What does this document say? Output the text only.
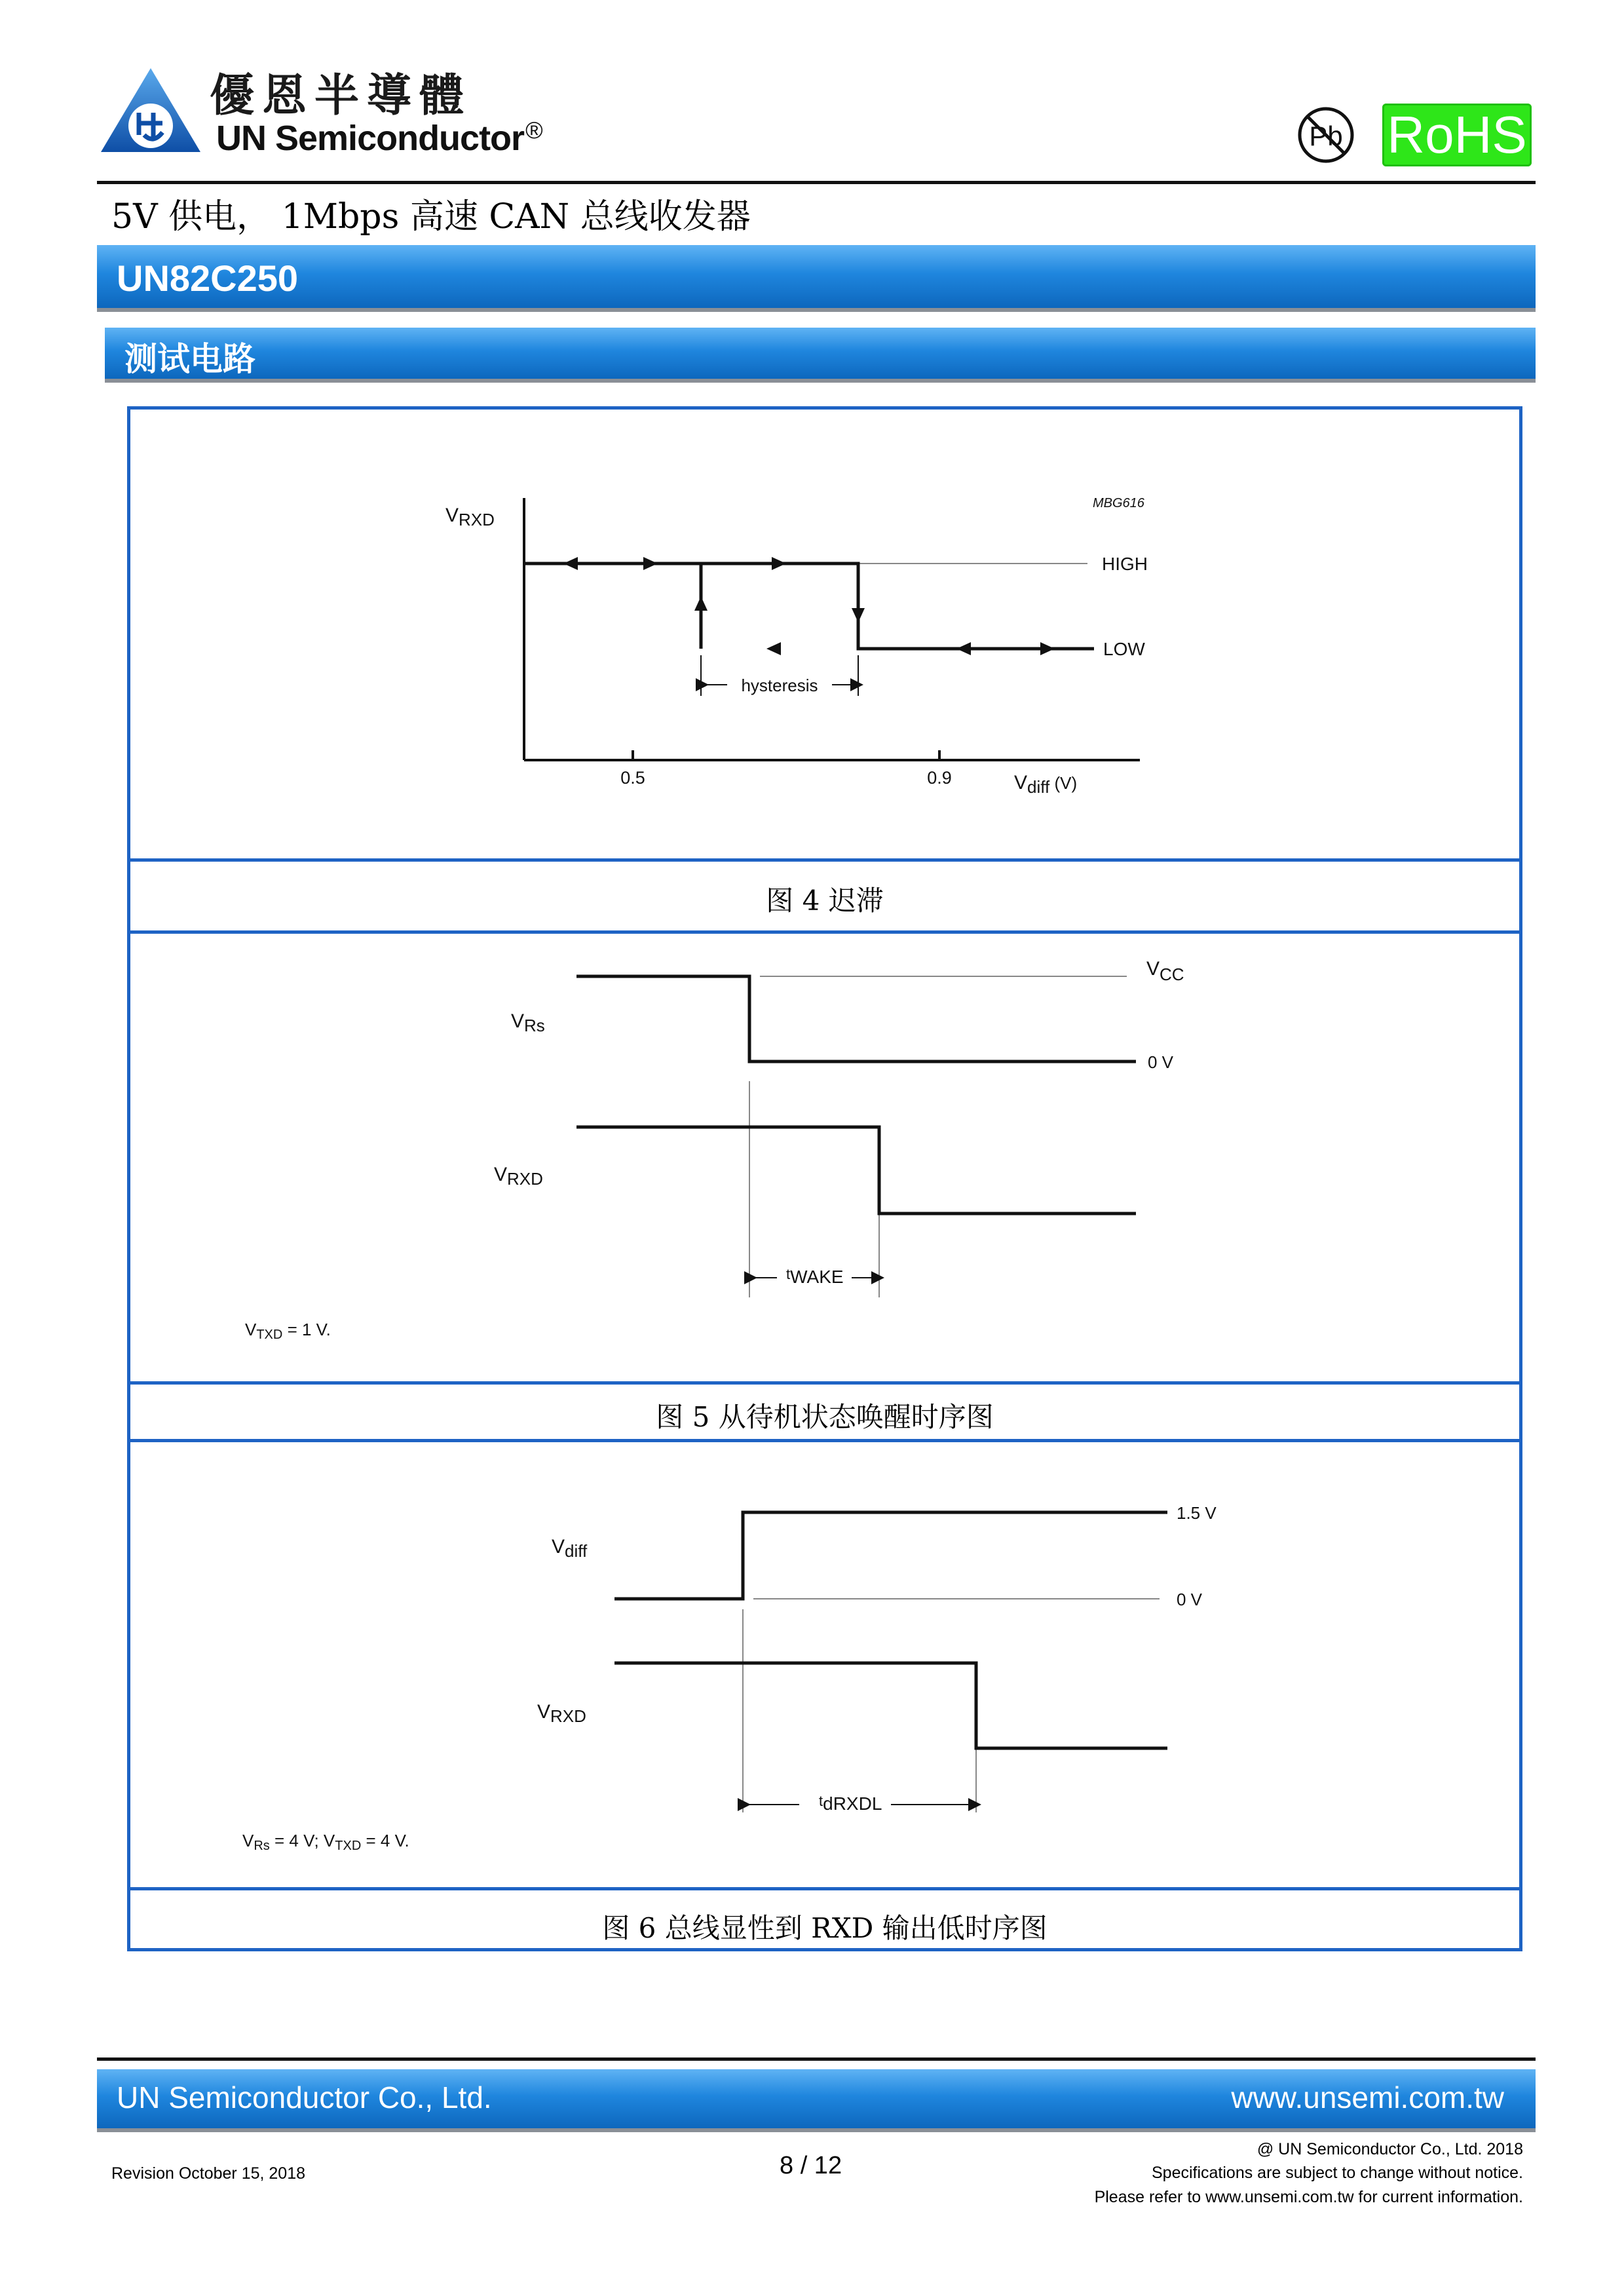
優恩半導體
UN Semiconductor®	Pb RoHS
5V 供电， 1Mbps 高速 CAN 总线收发器
UN82C250
测试电路
图 4 迟滞
图 5 从待机状态唤醒时序图
图 6 总线显性到 RXD 输出低时序图
hysteresis
VRXD
MBG616
HIGH
LOW
0.5	0.9	Vdiff (V)
VRs
VRXD
VCC
0 V
$^t$WAKE
VTXD = 1 V.
Vdiff
VRXD
1.5 V
0 V
$^t$dRXDL
VRs = 4 V; VTXD = 4 V.
UN Semiconductor Co., Ltd.	www.unsemi.com.tw
Revision October 15, 2018	8 / 12
@ UN Semiconductor Co., Ltd. 2018
Specifications are subject to change without notice.
Please refer to www.unsemi.com.tw for current information.
